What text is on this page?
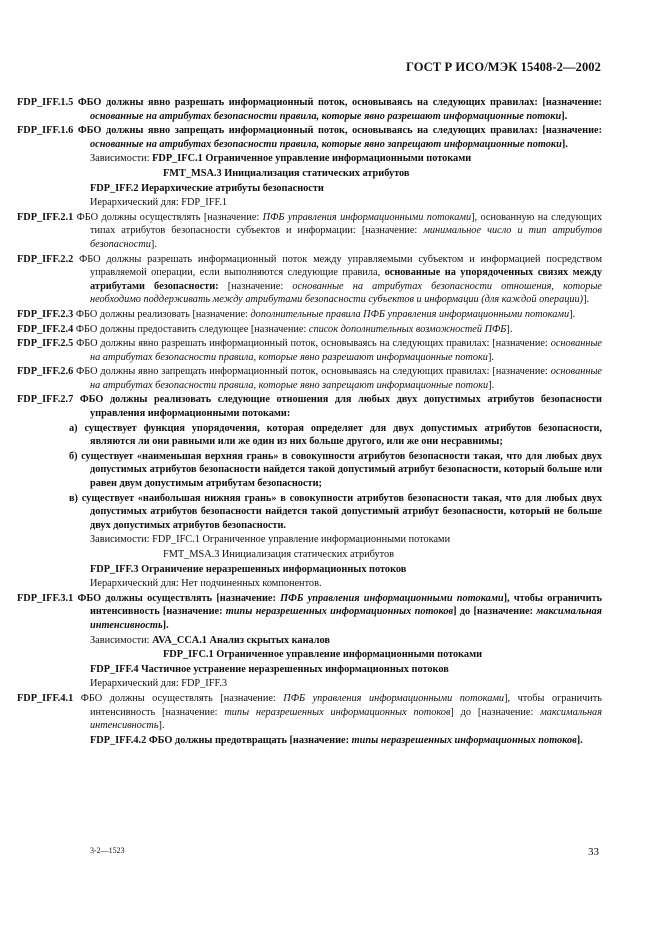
ГОСТ Р ИСО/МЭК 15408-2—2002
FDP_IFF.1.5 ФБО должны явно разрешать информационный поток, основываясь на следующих правилах: [назначение: основанные на атрибутах безопасности правила, которые явно разрешают информационные потоки].
FDP_IFF.1.6 ФБО должны явно запрещать информационный поток, основываясь на следующих правилах: [назначение: основанные на атрибутах безопасности правила, которые явно запрещают информационные потоки].
Зависимости: FDP_IFC.1 Ограниченное управление информационными потоками
FMT_MSA.3 Инициализация статических атрибутов
FDP_IFF.2 Иерархические атрибуты безопасности
Иерархический для: FDP_IFF.1
FDP_IFF.2.1 ФБО должны осуществлять [назначение: ПФБ управления информационными потоками], основанную на следующих типах атрибутов безопасности субъектов и информации: [назначение: минимальное число и тип атрибутов безопасности].
FDP_IFF.2.2 ФБО должны разрешать информационный поток между управляемыми субъектом и информацией посредством управляемой операции, если выполняются следующие правила, основанные на упорядоченных связях между атрибутами безопасности: [назначение: основанные на атрибутах безопасности отношения, которые необходимо поддерживать между атрибутами безопасности субъектов и информации (для каждой операции)].
FDP_IFF.2.3 ФБО должны реализовать [назначение: дополнительные правила ПФБ управления информационными потоками].
FDP_IFF.2.4 ФБО должны предоставить следующее [назначение: список дополнительных возможностей ПФБ].
FDP_IFF.2.5 ФБО должны явно разрешать информационный поток, основываясь на следующих правилах: [назначение: основанные на атрибутах безопасности правила, которые явно разрешают информационные потоки].
FDP_IFF.2.6 ФБО должны явно запрещать информационный поток, основываясь на следующих правилах: [назначение: основанные на атрибутах безопасности правила, которые явно запрещают информационные потоки].
FDP_IFF.2.7 ФБО должны реализовать следующие отношения для любых двух допустимых атрибутов безопасности управления информационными потоками:
а) существует функция упорядочения, которая определяет для двух допустимых атрибутов безопасности, являются ли они равными или же один из них больше другого, или же они несравнимы;
б) существует «наименьшая верхняя грань» в совокупности атрибутов безопасности такая, что для любых двух допустимых атрибутов безопасности найдется такой допустимый атрибут безопасности, который больше или равен двум допустимым атрибутам безопасности;
в) существует «наибольшая нижняя грань» в совокупности атрибутов безопасности такая, что для любых двух допустимых атрибутов безопасности найдется такой допустимый атрибут безопасности, который не больше двух допустимых атрибутов безопасности.
Зависимости: FDP_IFC.1 Ограниченное управление информационными потоками
FMT_MSA.3 Инициализация статических атрибутов
FDP_IFF.3 Ограничение неразрешенных информационных потоков
Иерархический для: Нет подчиненных компонентов.
FDP_IFF.3.1 ФБО должны осуществлять [назначение: ПФБ управления информационными потоками], чтобы ограничить интенсивность [назначение: типы неразрешенных информационных потоков] до [назначение: максимальная интенсивность].
Зависимости: AVA_CCA.1 Анализ скрытых каналов
FDP_IFC.1 Ограниченное управление информационными потоками
FDP_IFF.4 Частичное устранение неразрешенных информационных потоков
Иерархический для: FDP_IFF.3
FDP_IFF.4.1 ФБО должны осуществлять [назначение: ПФБ управления информационными потоками], чтобы ограничить интенсивность [назначение: типы неразрешенных информационных потоков] до [назначение: максимальная интенсивность].
FDP_IFF.4.2 ФБО должны предотвращать [назначение: типы неразрешенных информационных потоков].
3-2—1523	33
